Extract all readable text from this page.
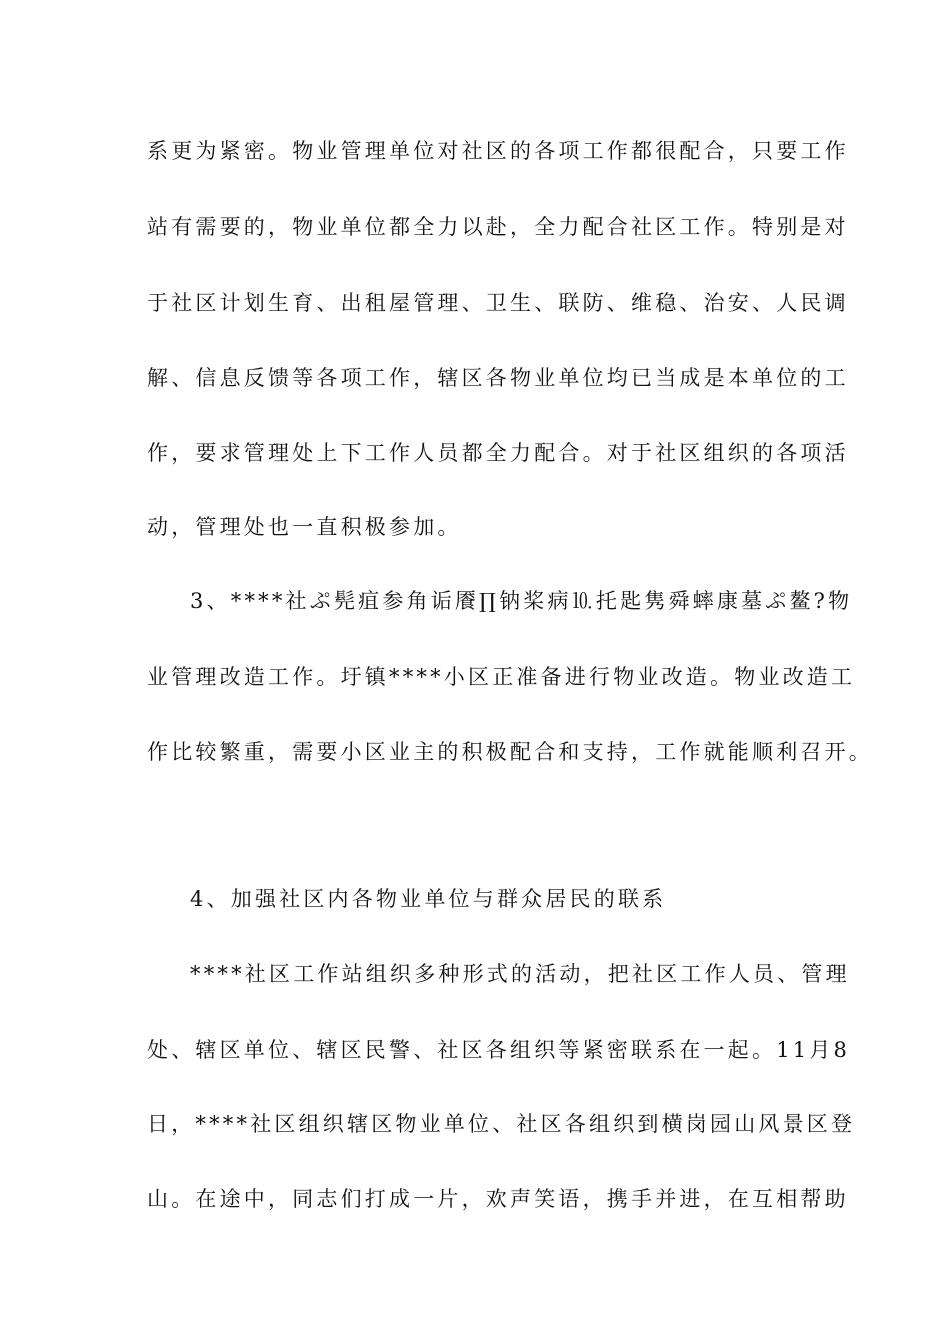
系更为紧密。物业管理单位对社区的各项工作都很配合，只要工作
站有需要的，物业单位都全力以赴，全力配合社区工作。特别是对
于社区计划生育、出租屋管理、卫生、联防、维稳、治安、人民调
解、信息反馈等各项工作，辖区各物业单位均已当成是本单位的工
作，要求管理处上下工作人员都全力配合。对于社区组织的各项活
动，管理处也一直积极参加。
3、****社ぷ髡疽参角诟餍∏钠桨病⒑托匙隽舜蟀康墓ぷ鳌?物
业管理改造工作。圩镇****小区正准备进行物业改造。物业改造工
作比较繁重，需要小区业主的积极配合和支持，工作就能顺利召开。
4、加强社区内各物业单位与群众居民的联系
****社区工作站组织多种形式的活动，把社区工作人员、管理
处、辖区单位、辖区民警、社区各组织等紧密联系在一起。11月8
日，****社区组织辖区物业单位、社区各组织到横岗园山风景区登
山。在途中，同志们打成一片，欢声笑语，携手并进，在互相帮助
